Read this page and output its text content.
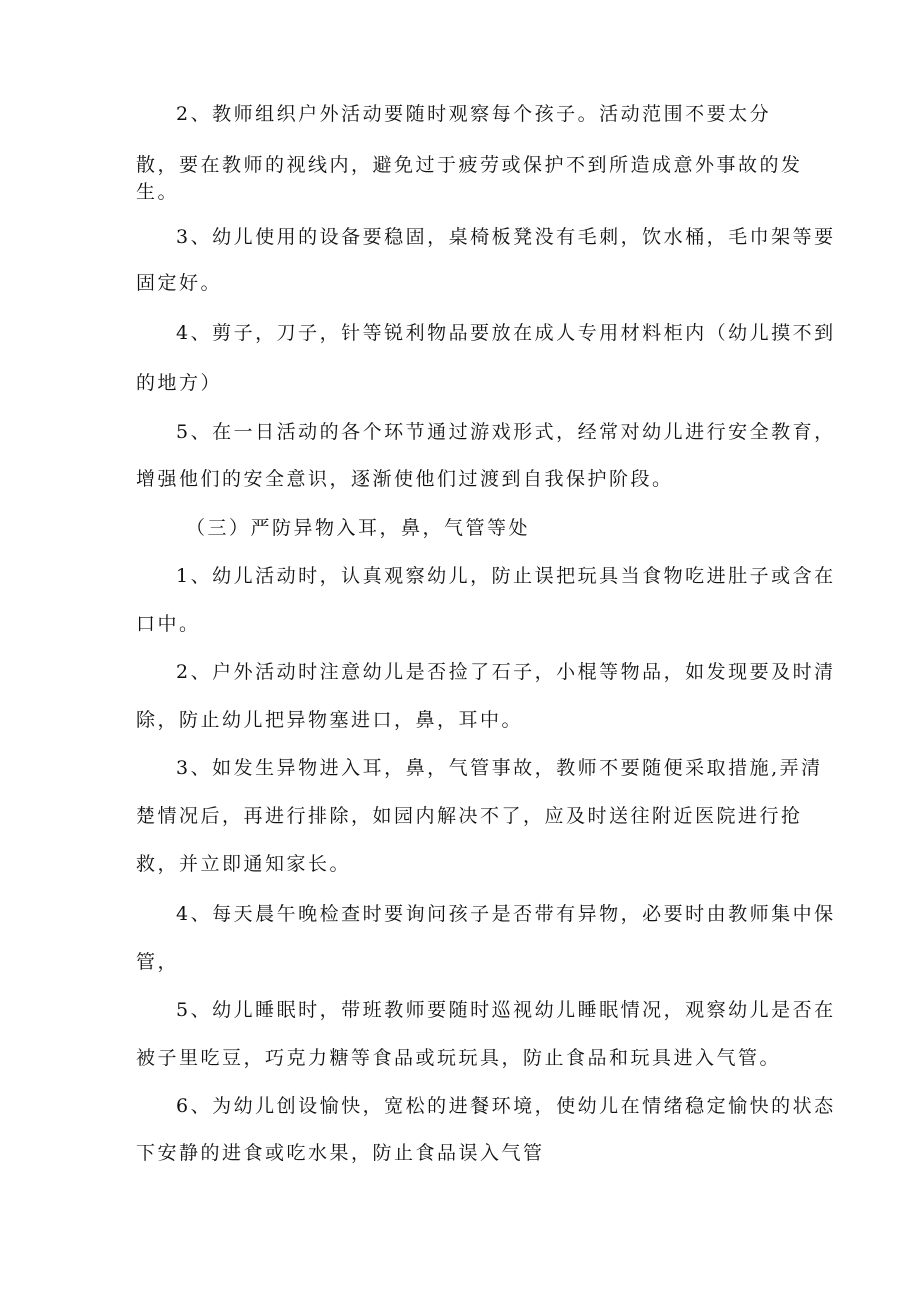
2、教师组织户外活动要随时观察每个孩子。活动范围不要太分
散，要在教师的视线内，避免过于疲劳或保护不到所造成意外事故的发
生。
3、幼儿使用的设备要稳固，桌椅板凳没有毛刺，饮水桶，毛巾架等要
固定好。
4、剪子，刀子，针等锐利物品要放在成人专用材料柜内（幼儿摸不到
的地方）
5、在一日活动的各个环节通过游戏形式，经常对幼儿进行安全教育，
增强他们的安全意识，逐渐使他们过渡到自我保护阶段。
（三）严防异物入耳，鼻，气管等处
1、幼儿活动时，认真观察幼儿，防止误把玩具当食物吃进肚子或含在
口中。
2、户外活动时注意幼儿是否捡了石子，小棍等物品，如发现要及时清
除，防止幼儿把异物塞进口，鼻，耳中。
3、如发生异物进入耳，鼻，气管事故，教师不要随便采取措施,弄清
楚情况后，再进行排除，如园内解决不了，应及时送往附近医院进行抢
救，并立即通知家长。
4、每天晨午晚检查时要询问孩子是否带有异物，必要时由教师集中保
管，
5、幼儿睡眠时，带班教师要随时巡视幼儿睡眠情况，观察幼儿是否在
被子里吃豆，巧克力糖等食品或玩玩具，防止食品和玩具进入气管。
6、为幼儿创设愉快，宽松的进餐环境，使幼儿在情绪稳定愉快的状态
下安静的进食或吃水果，防止食品误入气管
